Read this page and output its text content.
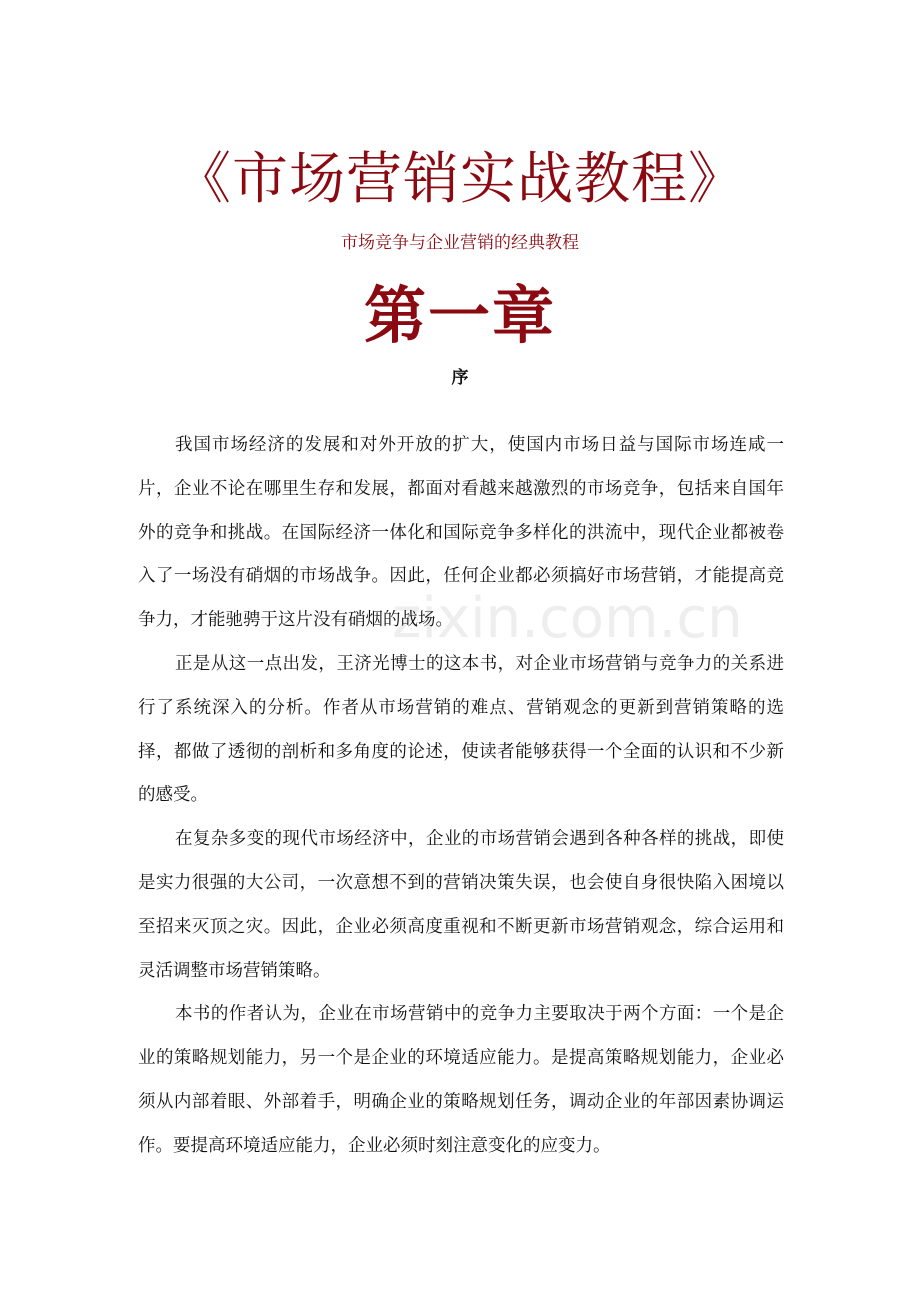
《市场营销实战教程》
市场竞争与企业营销的经典教程
第一章
序

我国市场经济的发展和对外开放的扩大，使国内市场日益与国际市场连咸一片，企业不论在哪里生存和发展，都面对看越来越激烈的市场竞争，包括来自国年外的竞争和挑战。在国际经济一体化和国际竞争多样化的洪流中，现代企业都被卷入了一场没有硝烟的市场战争。因此，任何企业都必须搞好市场营销，才能提高竞争力，才能驰骋于这片没有硝烟的战场。

正是从这一点出发，王济光博士的这本书，对企业市场营销与竞争力的关系进行了系统深入的分析。作者从市场营销的难点、营销观念的更新到营销策略的选择，都做了透彻的剖析和多角度的论述，使读者能够获得一个全面的认识和不少新的感受。

在复杂多变的现代市场经济中，企业的市场营销会遇到各种各样的挑战，即使是实力很强的大公司，一次意想不到的营销决策失误，也会使自身很快陷入困境以至招来灭顶之灾。因此，企业必须高度重视和不断更新市场营销观念，综合运用和灵活调整市场营销策略。

本书的作者认为，企业在市场营销中的竞争力主要取决于两个方面：一个是企业的策略规划能力，另一个是企业的环境适应能力。是提高策略规划能力，企业必须从内部着眼、外部着手，明确企业的策略规划任务，调动企业的年部因素协调运作。要提高环境适应能力，企业必须时刻注意变化的应变力。

zixin.com.cn
